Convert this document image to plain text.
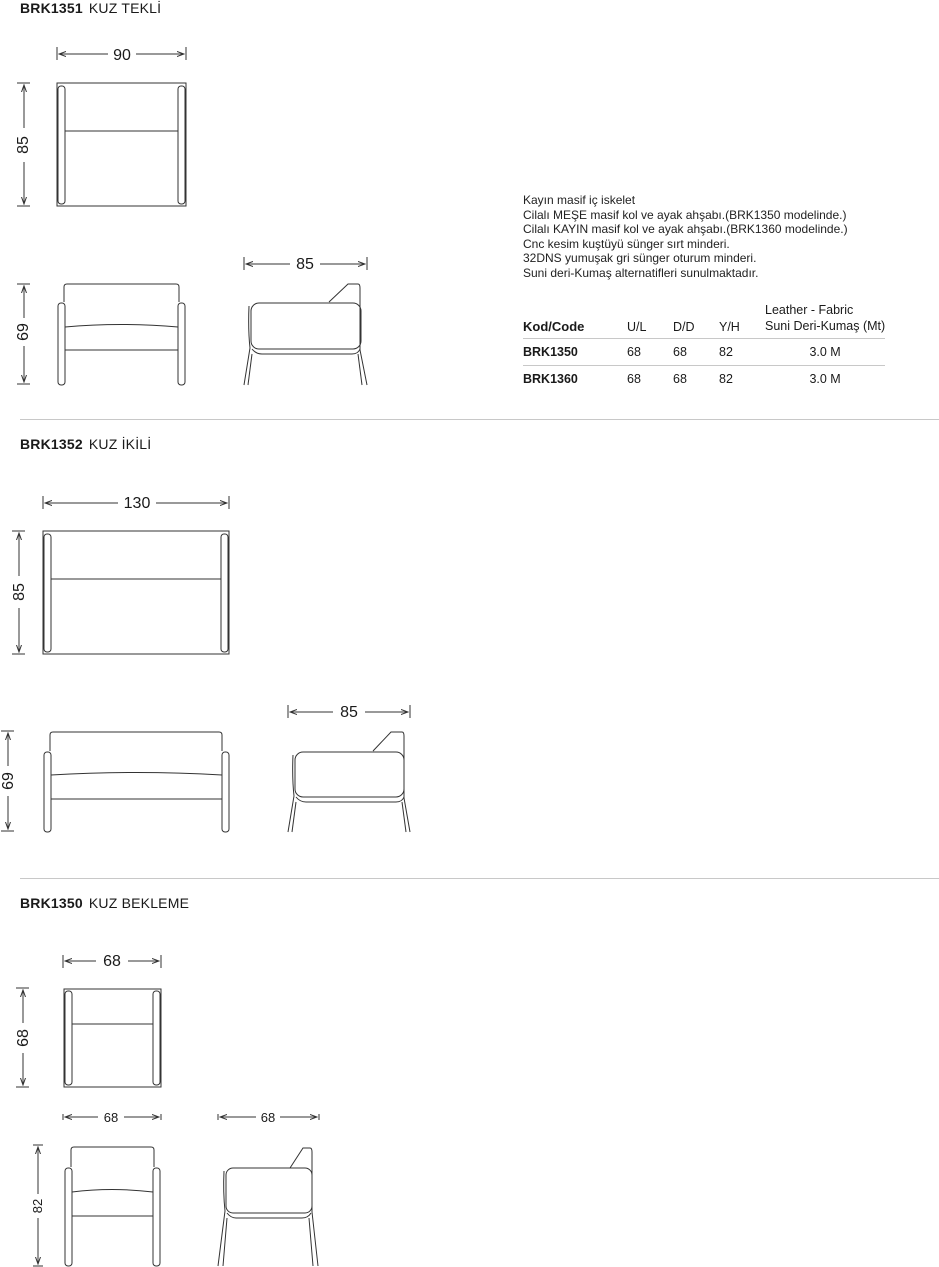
BRK1351 KUZ TEKLİ
BRK1352 KUZ İKİLİ
BRK1350 KUZ BEKLEME
90
85
69
85
130
85
69
85
68
68
68
82
68
Kayın masif iç iskelet
Cilalı MEŞE masif kol ve ayak ahşabı.(BRK1350 modelinde.)
Cilalı KAYIN masif kol ve ayak ahşabı.(BRK1360 modelinde.)
Cnc kesim kuştüyü sünger sırt minderi.
32DNS yumuşak gri sünger oturum minderi.
Suni deri-Kumaş alternatifleri sunulmaktadır.
Kod/Code	U/L	D/D	Y/H	Leather - Fabric
Suni Deri-Kumaş (Mt)

BRK1350	68	68	82	3.0 M
BRK1360	68	68	82	3.0 M
